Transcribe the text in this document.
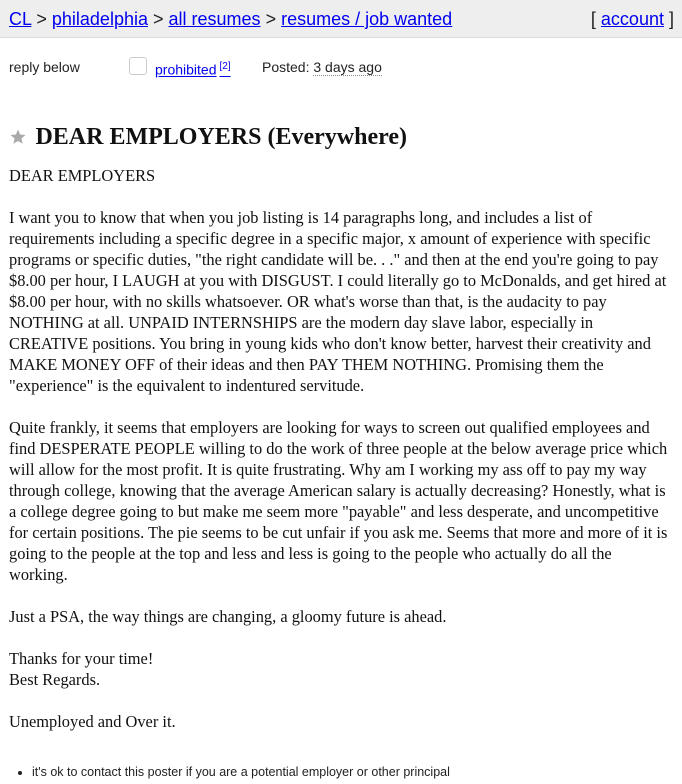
CL > philadelphia > all resumes > resumes / job wanted	[ account ]
reply below	prohibited [2] Posted: 3 days ago
DEAR EMPLOYERS (Everywhere)

DEAR EMPLOYERS

I want you to know that when you job listing is 14 paragraphs long, and includes a list of requirements including a specific degree in a specific major, x amount of experience with specific programs or specific duties, "the right candidate will be. . ." and then at the end you're going to pay $8.00 per hour, I LAUGH at you with DISGUST. I could literally go to McDonalds, and get hired at $8.00 per hour, with no skills whatsoever. OR what's worse than that, is the audacity to pay NOTHING at all. UNPAID INTERNSHIPS are the modern day slave labor, especially in CREATIVE positions. You bring in young kids who don't know better, harvest their creativity and MAKE MONEY OFF of their ideas and then PAY THEM NOTHING. Promising them the "experience" is the equivalent to indentured servitude.

Quite frankly, it seems that employers are looking for ways to screen out qualified employees and find DESPERATE PEOPLE willing to do the work of three people at the below average price which will allow for the most profit. It is quite frustrating. Why am I working my ass off to pay my way through college, knowing that the average American salary is actually decreasing? Honestly, what is a college degree going to but make me seem more "payable" and less desperate, and uncompetitive for certain positions. The pie seems to be cut unfair if you ask me. Seems that more and more of it is going to the people at the top and less and less is going to the people who actually do all the working.

Just a PSA, the way things are changing, a gloomy future is ahead.

Thanks for your time!
Best Regards.

Unemployed and Over it.

• it's ok to contact this poster if you are a potential employer or other principal
